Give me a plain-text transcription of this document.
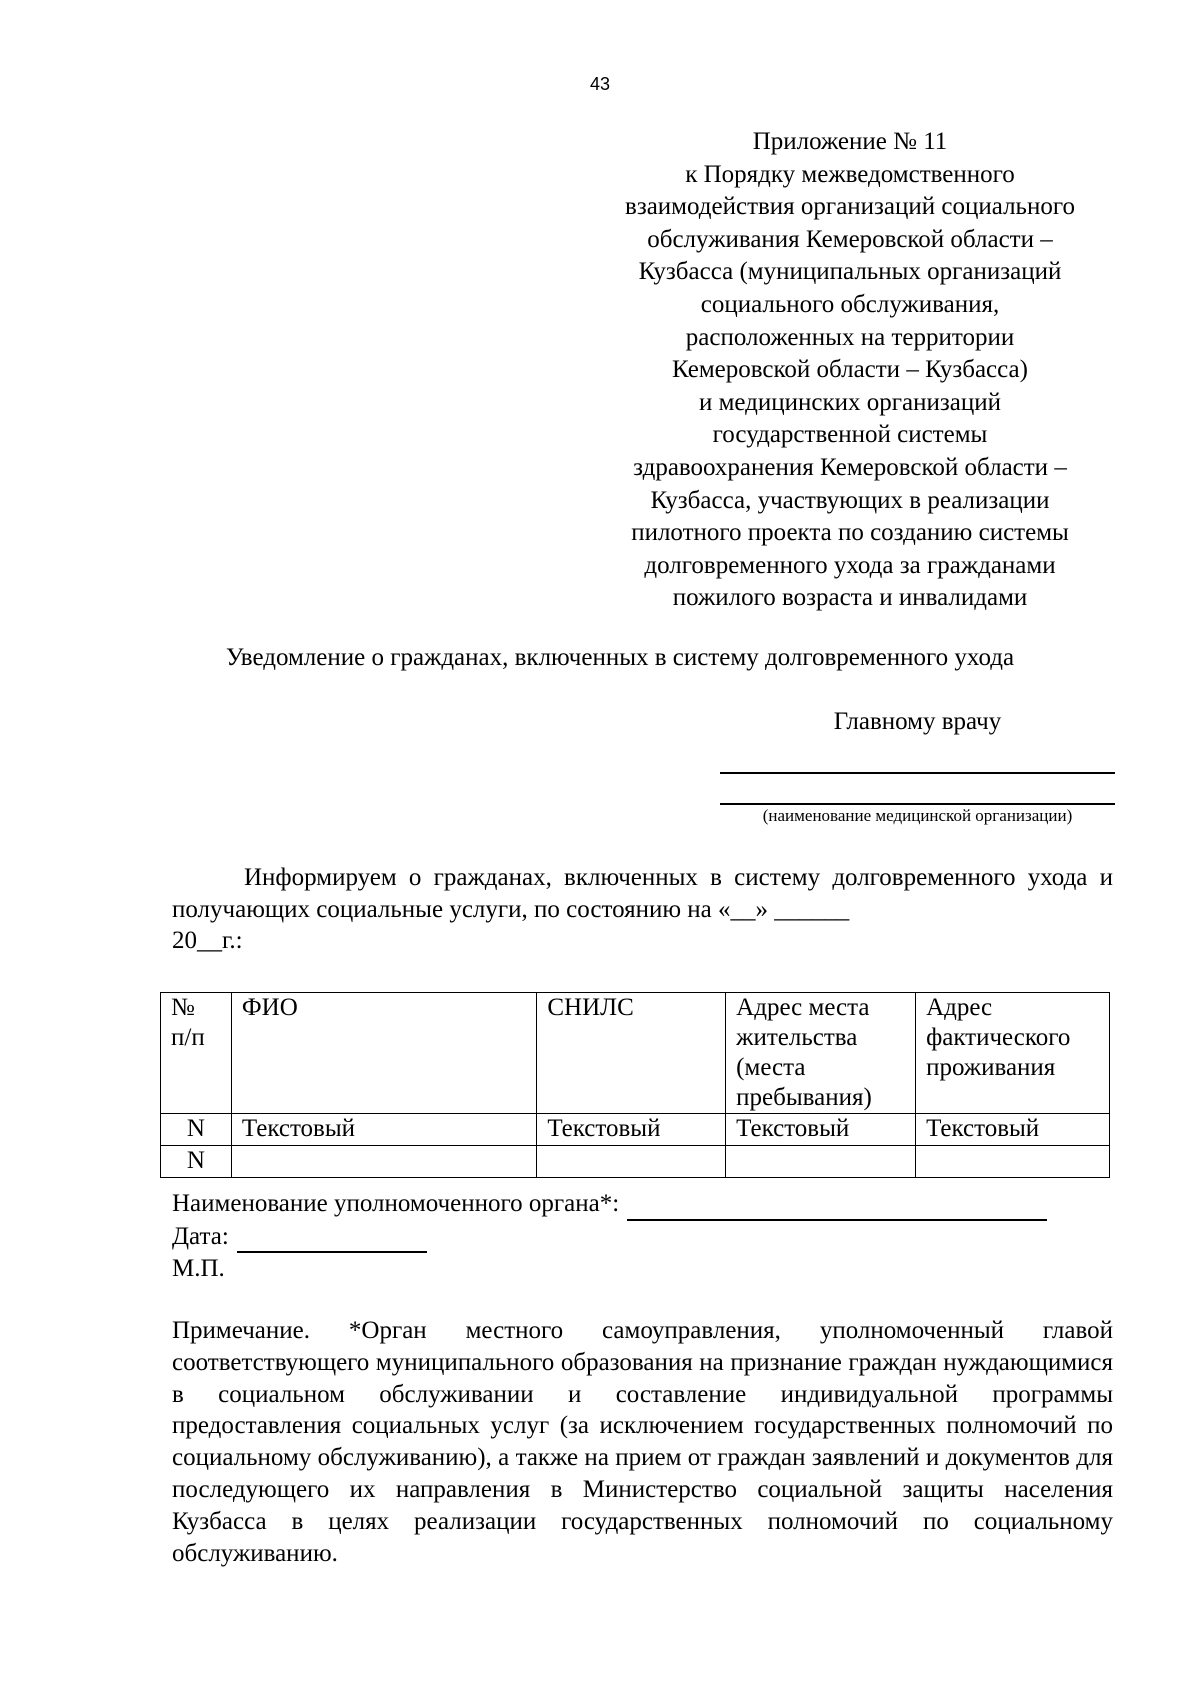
43
Приложение № 11
к Порядку межведомственного
взаимодействия организаций социального
обслуживания Кемеровской области –
Кузбасса (муниципальных организаций
социального обслуживания,
расположенных на территории
Кемеровской области – Кузбасса)
и медицинских организаций
государственной системы
здравоохранения Кемеровской области –
Кузбасса, участвующих в реализации
пилотного проекта по созданию системы
долговременного ухода за гражданами
пожилого возраста и инвалидами
Уведомление о гражданах, включенных в систему долговременного ухода
Главному врачу
(наименование медицинской организации)
Информируем о гражданах, включенных в систему долговременного ухода и получающих социальные услуги, по состоянию на «__» ______
20__г.:
№ п/п	ФИО	СНИЛС	Адрес места жительства (места пребывания)	Адрес фактического проживания
N	Текстовый	Текстовый	Текстовый	Текстовый
N				
Наименование уполномоченного органа*:
Дата:
М.П.
Примечание. *Орган местного самоуправления, уполномоченный главой соответствующего муниципального образования на признание граждан нуждающимися в социальном обслуживании и составление индивидуальной программы предоставления социальных услуг (за исключением государственных полномочий по социальному обслуживанию), а также на прием от граждан заявлений и документов для последующего их направления в Министерство социальной защиты населения Кузбасса в целях реализации государственных полномочий по социальному обслуживанию.
